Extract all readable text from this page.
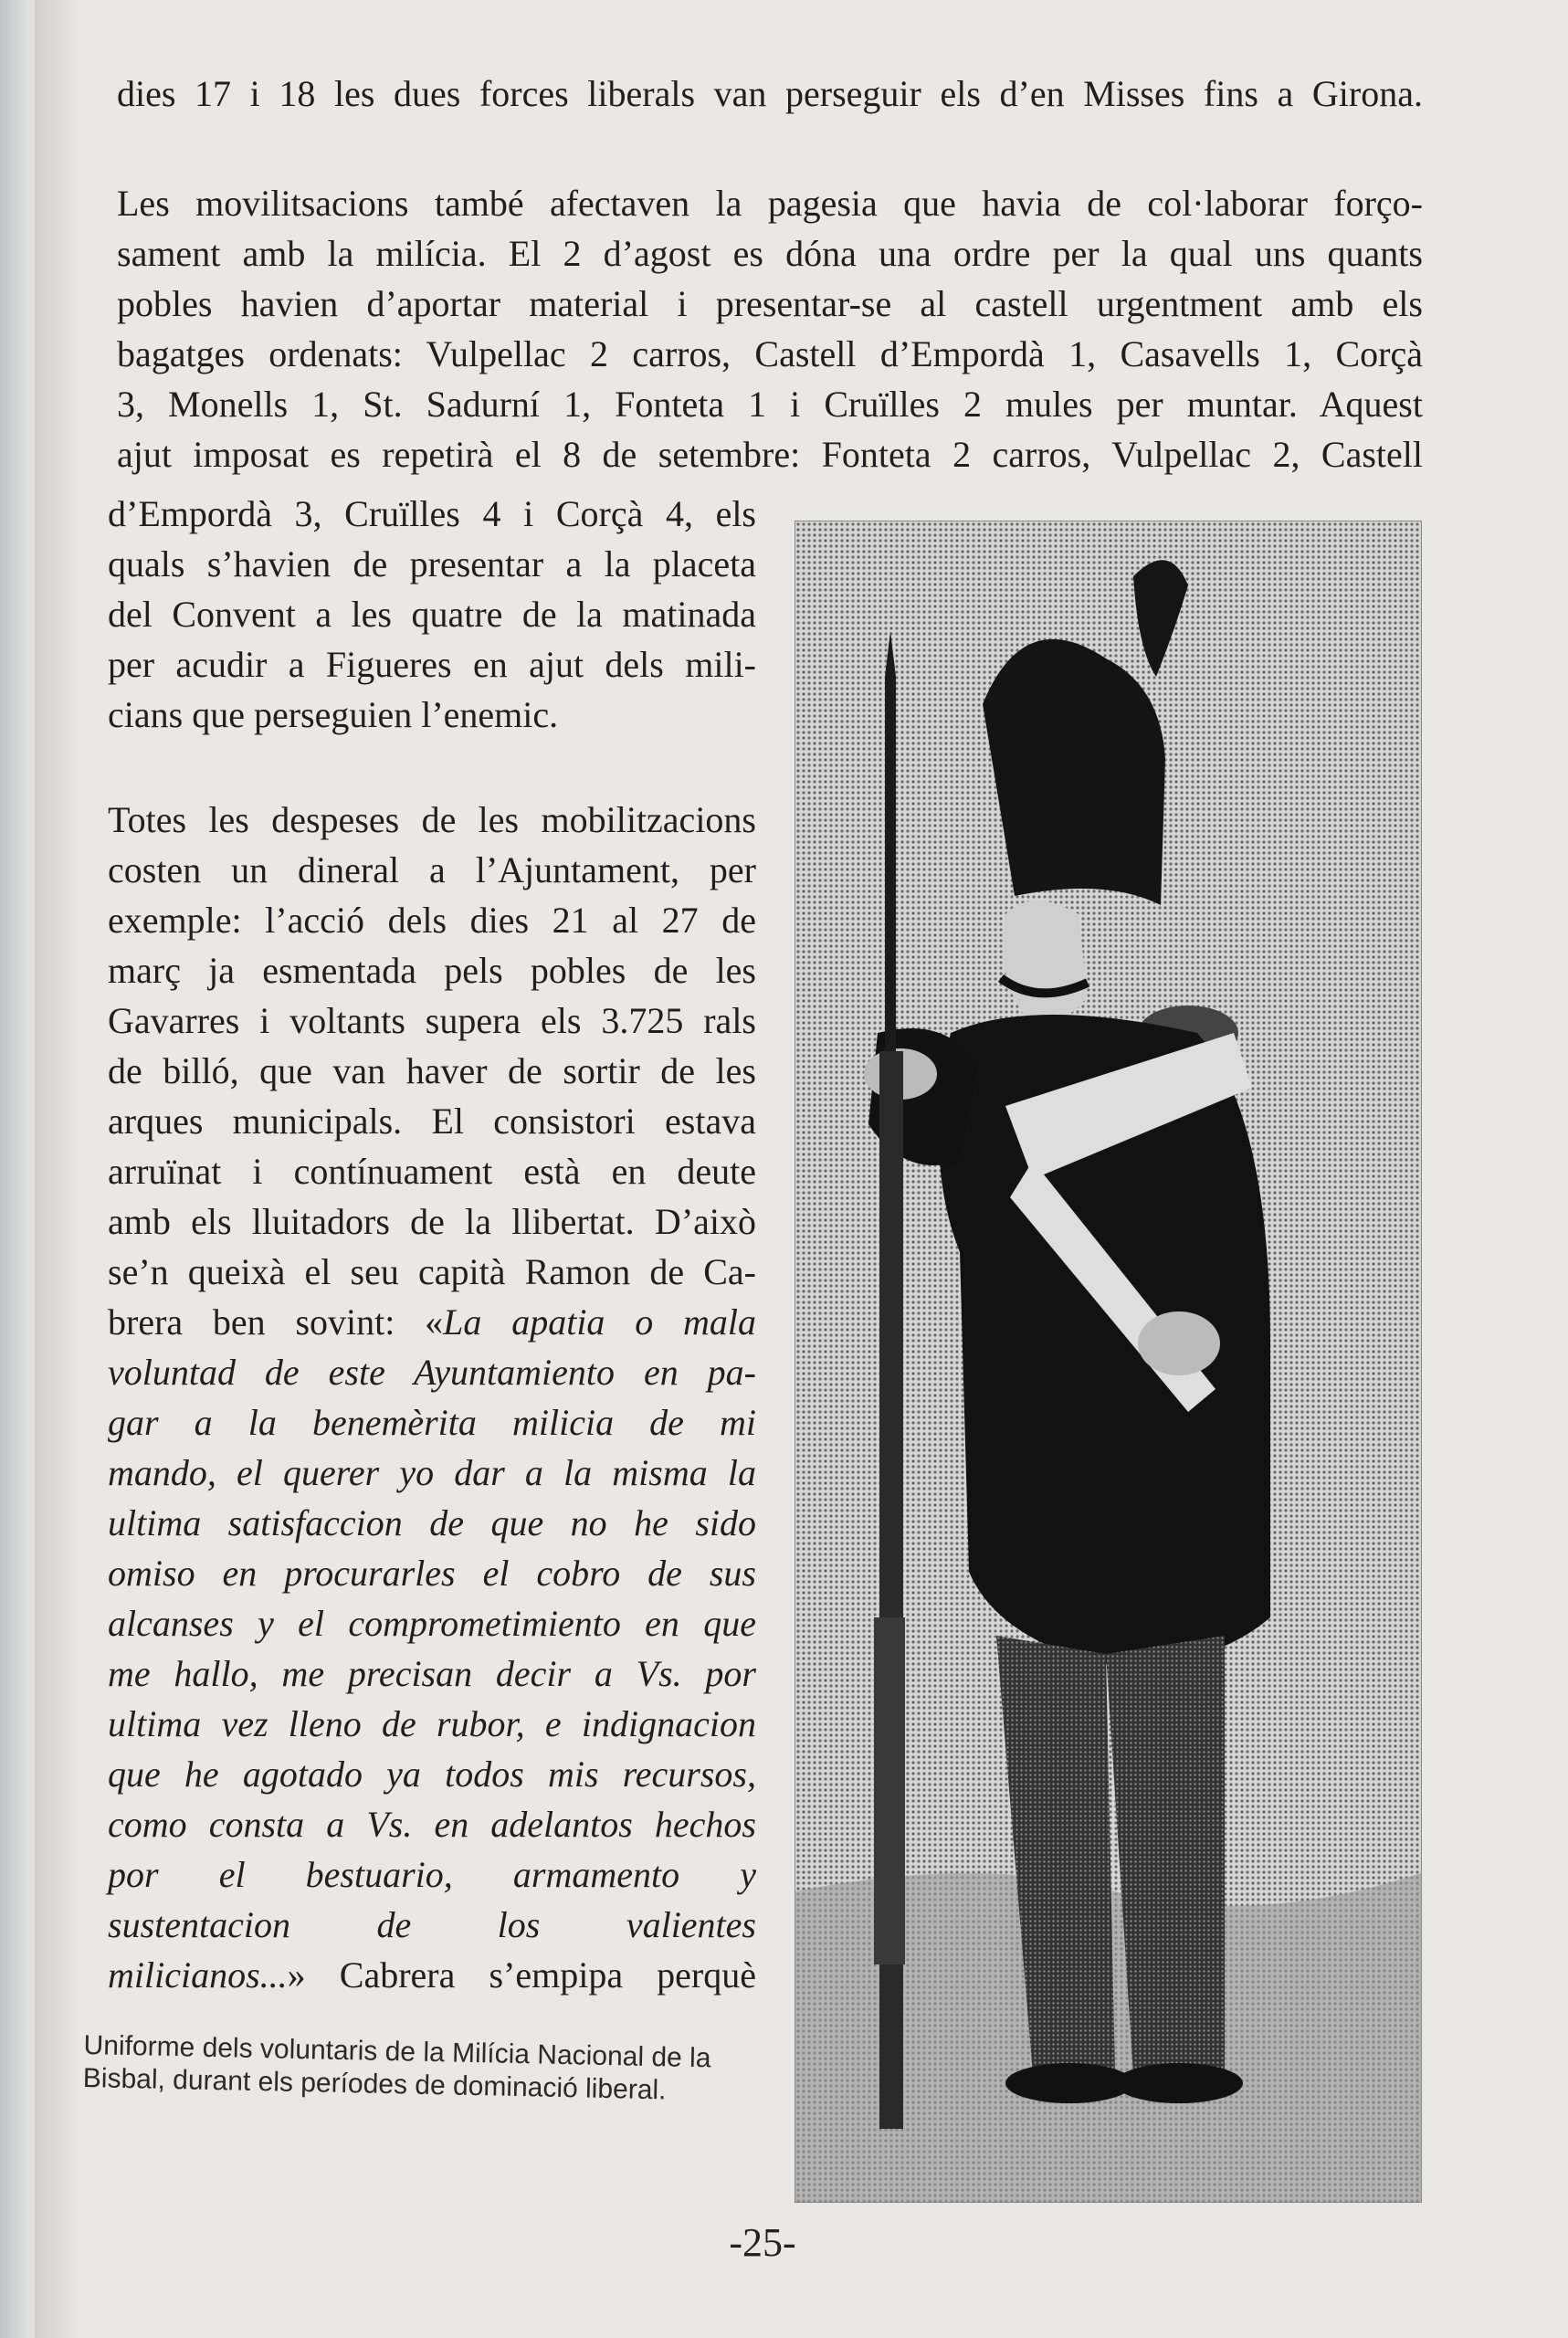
dies 17 i 18 les dues forces liberals van perseguir els d’en Misses fins a Girona.

Les movilitsacions també afectaven la pagesia que havia de col·laborar forço-
sament amb la milícia. El 2 d’agost es dóna una ordre per la qual uns quants
pobles havien d’aportar material i presentar-se al castell urgentment amb els
bagatges ordenats: Vulpellac 2 carros, Castell d’Empordà 1, Casavells 1, Corçà
3, Monells 1, St. Sadurní 1, Fonteta 1 i Cruïlles 2 mules per muntar. Aquest
ajut imposat es repetirà el 8 de setembre: Fonteta 2 carros, Vulpellac 2, Castell

d’Empordà 3, Cruïlles 4 i Corçà 4, els
quals s’havien de presentar a la placeta
del Convent a les quatre de la matinada
per acudir a Figueres en ajut dels mili-
cians que perseguien l’enemic.

Totes les despeses de les mobilitzacions
costen un dineral a l’Ajuntament, per
exemple: l’acció dels dies 21 al 27 de
març ja esmentada pels pobles de les
Gavarres i voltants supera els 3.725 rals
de billó, que van haver de sortir de les
arques municipals. El consistori estava
arruïnat i contínuament està en deute
amb els lluitadors de la llibertat. D’això
se’n queixà el seu capità Ramon de Ca-
brera ben sovint: «La apatia o mala
voluntad de este Ayuntamiento en pa-
gar a la benemèrita milicia de mi
mando, el querer yo dar a la misma la
ultima satisfaccion de que no he sido
omiso en procurarles el cobro de sus
alcanses y el comprometimiento en que
me hallo, me precisan decir a Vs. por
ultima vez lleno de rubor, e indignacion
que he agotado ya todos mis recursos,
como consta a Vs. en adelantos hechos
por el bestuario, armamento y
sustentacion de los valientes
milicianos...» Cabrera s’empipa perquè

Uniforme dels voluntaris de la Milícia Nacional de la Bisbal, durant els períodes de dominació liberal.
-25-
